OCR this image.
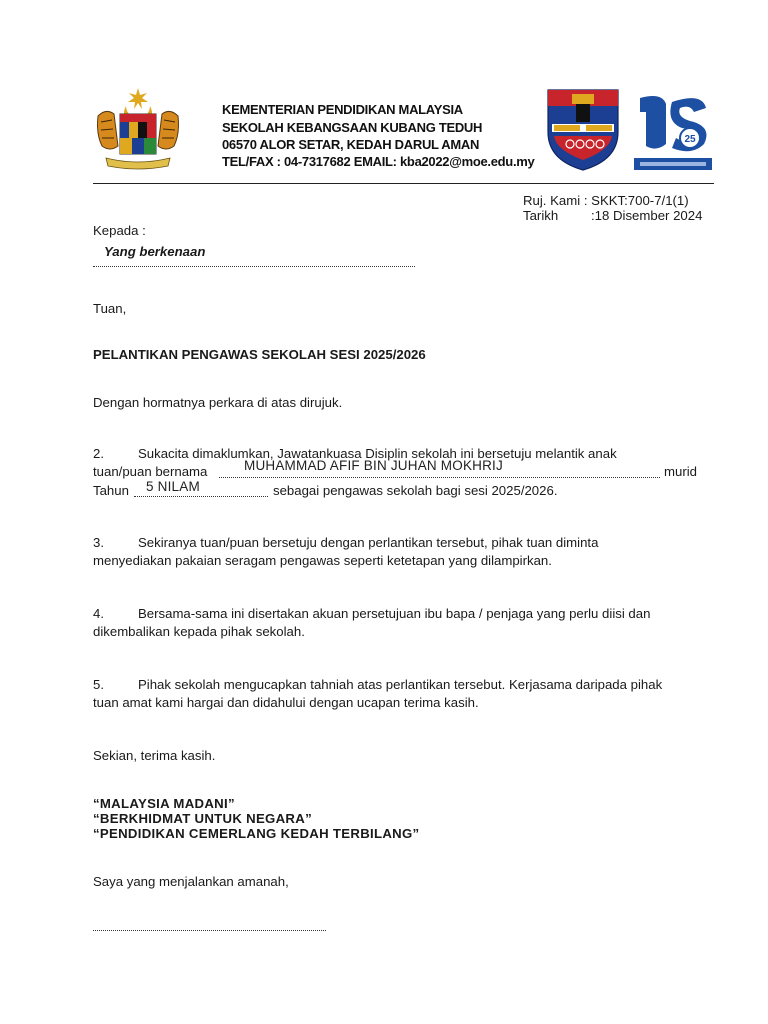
KEMENTERIAN PENDIDIKAN MALAYSIA
SEKOLAH KEBANGSAAN KUBANG TEDUH
06570 ALOR SETAR, KEDAH DARUL AMAN
TEL/FAX : 04-7317682 EMAIL: kba2022@moe.edu.my
25
Ruj. Kami : SKKT:700-7/1(1)
Tarikh :18 Disember 2024
Kepada :
Yang berkenaan
Tuan,
PELANTIKAN PENGAWAS SEKOLAH SESI 2025/2026
Dengan hormatnya perkara di atas dirujuk.
2.	Sukacita dimaklumkan, Jawatankuasa Disiplin sekolah ini bersetuju melantik anak
tuan/puan bernama	MUHAMMAD AFIF BIN JUHAN MOKHRIJ	murid
Tahun 5 NILAM	sebagai pengawas sekolah bagi sesi 2025/2026.
3.	Sekiranya tuan/puan bersetuju dengan perlantikan tersebut, pihak tuan diminta
menyediakan pakaian seragam pengawas seperti ketetapan yang dilampirkan.
4.	Bersama-sama ini disertakan akuan persetujuan ibu bapa / penjaga yang perlu diisi dan
dikembalikan kepada pihak sekolah.
5.	Pihak sekolah mengucapkan tahniah atas perlantikan tersebut. Kerjasama daripada pihak
tuan amat kami hargai dan didahului dengan ucapan terima kasih.
Sekian, terima kasih.
“MALAYSIA MADANI”
“BERKHIDMAT UNTUK NEGARA”
“PENDIDIKAN CEMERLANG KEDAH TERBILANG”
Saya yang menjalankan amanah,
